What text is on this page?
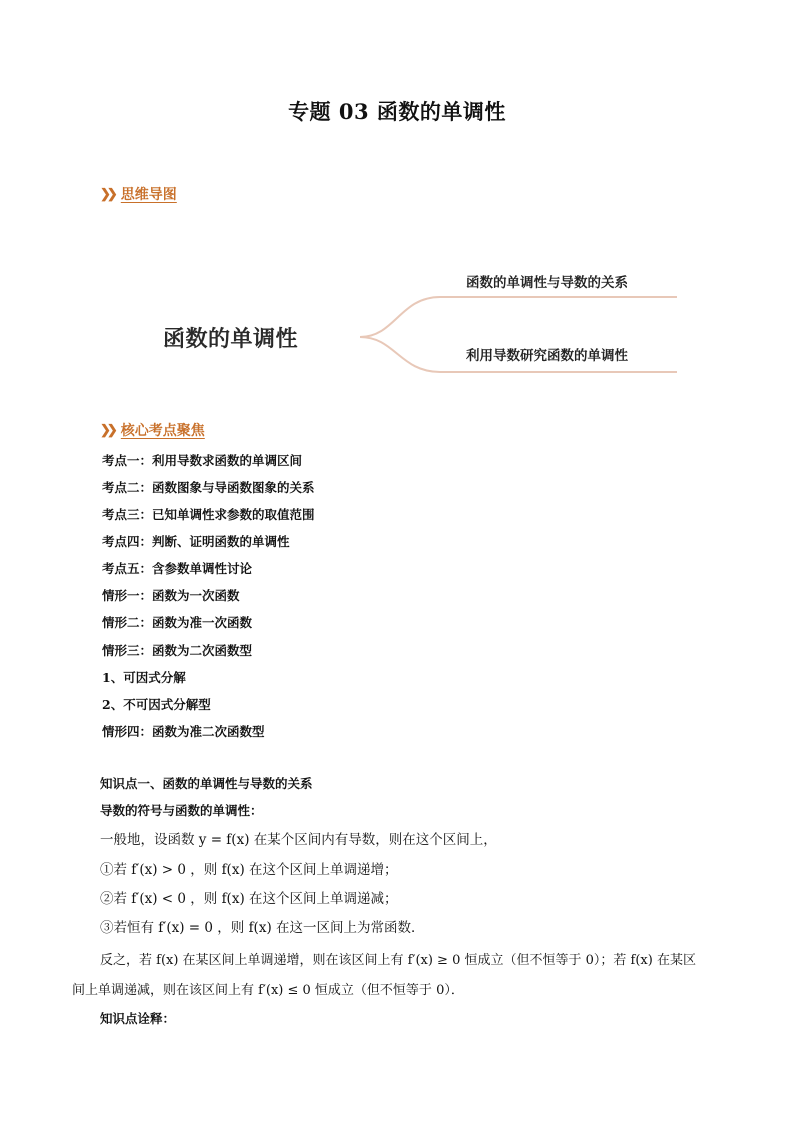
专题 03 函数的单调性
❯❯ 思维导图
函数的单调性
函数的单调性与导数的关系
利用导数研究函数的单调性
❯❯ 核心考点聚焦
考点一：利用导数求函数的单调区间
考点二：函数图象与导函数图象的关系
考点三：已知单调性求参数的取值范围
考点四：判断、证明函数的单调性
考点五：含参数单调性讨论
情形一：函数为一次函数
情形二：函数为准一次函数
情形三：函数为二次函数型
1、可因式分解
2、不可因式分解型
情形四：函数为准二次函数型
知识点一、函数的单调性与导数的关系
导数的符号与函数的单调性：
一般地，设函数 y = f(x) 在某个区间内有导数，则在这个区间上，
①若 f′(x) > 0 ，则 f(x) 在这个区间上单调递增；
②若 f′(x) < 0 ，则 f(x) 在这个区间上单调递减；
③若恒有 f′(x) = 0 ，则 f(x) 在这一区间上为常函数．
反之，若 f(x) 在某区间上单调递增，则在该区间上有 f′(x) ≥ 0 恒成立（但不恒等于 0）；若 f(x) 在某区
间上单调递减，则在该区间上有 f′(x) ≤ 0 恒成立（但不恒等于 0）．
知识点诠释：
